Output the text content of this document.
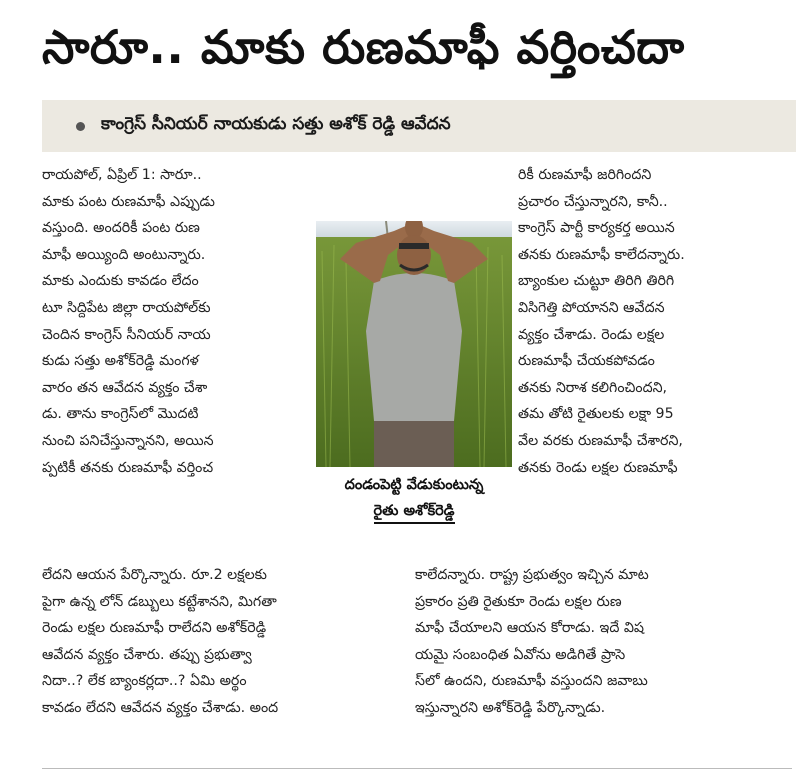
సారూ.. మాకు రుణమాఫీ వర్తించదా
కాంగ్రెస్ సీనియర్ నాయకుడు సత్తు అశోక్ రెడ్డి ఆవేదన
రాయపోల్, ఏప్రిల్ 1: సారూ..
మాకు పంట రుణమాఫీ ఎప్పుడు
వస్తుంది. అందరికీ పంట రుణ
మాఫీ అయ్యింది అంటున్నారు.
మాకు ఎందుకు కావడం లేదం
టూ సిద్దిపేట జిల్లా రాయపోల్‌కు
చెందిన కాంగ్రెస్ సీనియర్ నాయ
కుడు సత్తు అశోక్‌రెడ్డి మంగళ
వారం తన ఆవేదన వ్యక్తం చేశా
డు. తాను కాంగ్రెస్‌లో మొదటి
నుంచి పనిచేస్తున్నానని, అయిన
ప్పటికీ తనకు రుణమాఫీ వర్తించ
దండంపెట్టి వేడుకుంటున్న
రైతు అశోక్‌రెడ్డి
రికీ రుణమాఫీ జరిగిందని
ప్రచారం చేస్తున్నారని, కానీ..
కాంగ్రెస్ పార్టీ కార్యకర్త అయిన
తనకు రుణమాఫీ కాలేదన్నారు.
బ్యాంకుల చుట్టూ తిరిగి తిరిగి
విసిగెత్తి పోయానని ఆవేదన
వ్యక్తం చేశాడు. రెండు లక్షల
రుణమాఫీ చేయకపోవడం
తనకు నిరాశ కలిగించిందని,
తమ తోటి రైతులకు లక్షా 95
వేల వరకు రుణమాఫీ చేశారని,
తనకు రెండు లక్షల రుణమాఫీ
లేదని ఆయన పేర్కొన్నారు. రూ.2 లక్షలకు
పైగా ఉన్న లోన్ డబ్బులు కట్టేశానని, మిగతా
రెండు లక్షల రుణమాఫీ రాలేదని అశోక్‌రెడ్డి
ఆవేదన వ్యక్తం చేశారు. తప్పు ప్రభుత్వా
నిదా..? లేక బ్యాంకర్లదా..? ఏమి అర్థం
కావడం లేదని ఆవేదన వ్యక్తం చేశాడు. అంద
కాలేదన్నారు. రాష్ట్ర ప్రభుత్వం ఇచ్చిన మాట
ప్రకారం ప్రతి రైతుకూ రెండు లక్షల రుణ
మాఫీ చేయాలని ఆయన కోరాడు. ఇదే విష
యమై సంబంధిత ఏవోను అడిగితే ప్రాసె
స్‌లో ఉందని, రుణమాఫీ వస్తుందని జవాబు
ఇస్తున్నారని అశోక్‌రెడ్డి పేర్కొన్నాడు.
